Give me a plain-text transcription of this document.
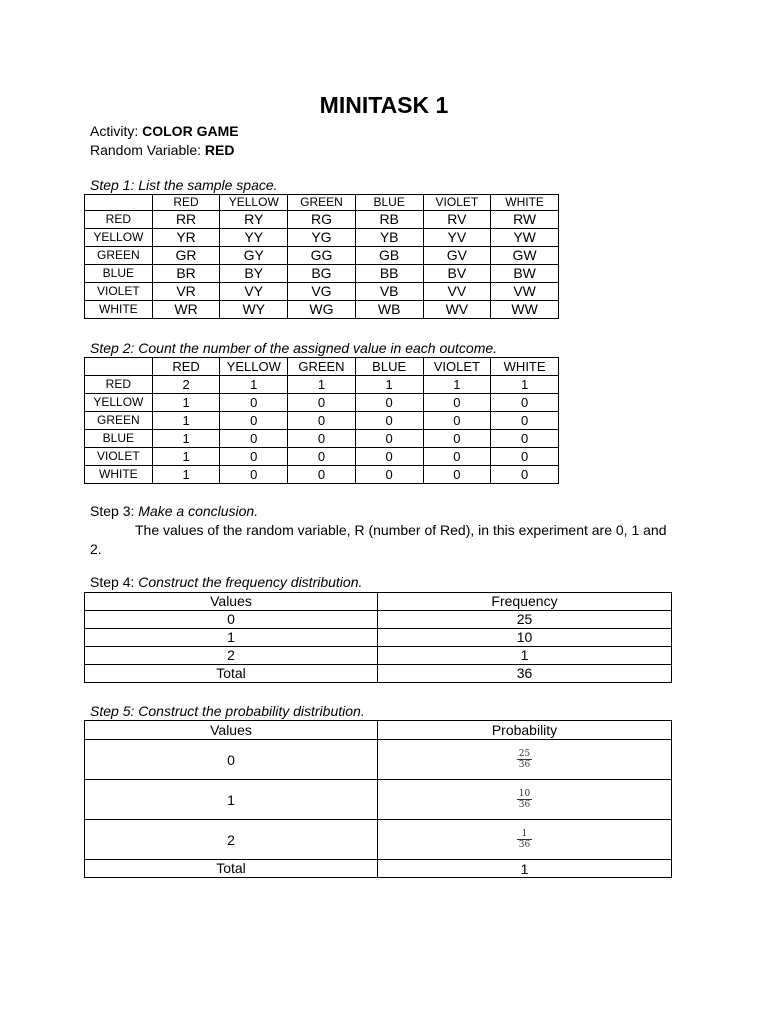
MINITASK 1
Activity: COLOR GAME
Random Variable: RED
Step 1: List the sample space.
	RED	YELLOW	GREEN	BLUE	VIOLET	WHITE
RED	RR	RY	RG	RB	RV	RW
YELLOW	YR	YY	YG	YB	YV	YW
GREEN	GR	GY	GG	GB	GV	GW
BLUE	BR	BY	BG	BB	BV	BW
VIOLET	VR	VY	VG	VB	VV	VW
WHITE	WR	WY	WG	WB	WV	WW
Step 2: Count the number of the assigned value in each outcome.
	RED	YELLOW	GREEN	BLUE	VIOLET	WHITE
RED	2	1	1	1	1	1
YELLOW	1	0	0	0	0	0
GREEN	1	0	0	0	0	0
BLUE	1	0	0	0	0	0
VIOLET	1	0	0	0	0	0
WHITE	1	0	0	0	0	0
Step 3: Make a conclusion.
The values of the random variable, R (number of Red), in this experiment are 0, 1 and 2.
Step 4: Construct the frequency distribution.
Values	Frequency
0	25
1	10
2	1
Total	36
Step 5: Construct the probability distribution.
Values	Probability
0	$\frac{25}{36}$

1	$\frac{10}{36}$

2	$\frac{1}{36}$

Total	1
